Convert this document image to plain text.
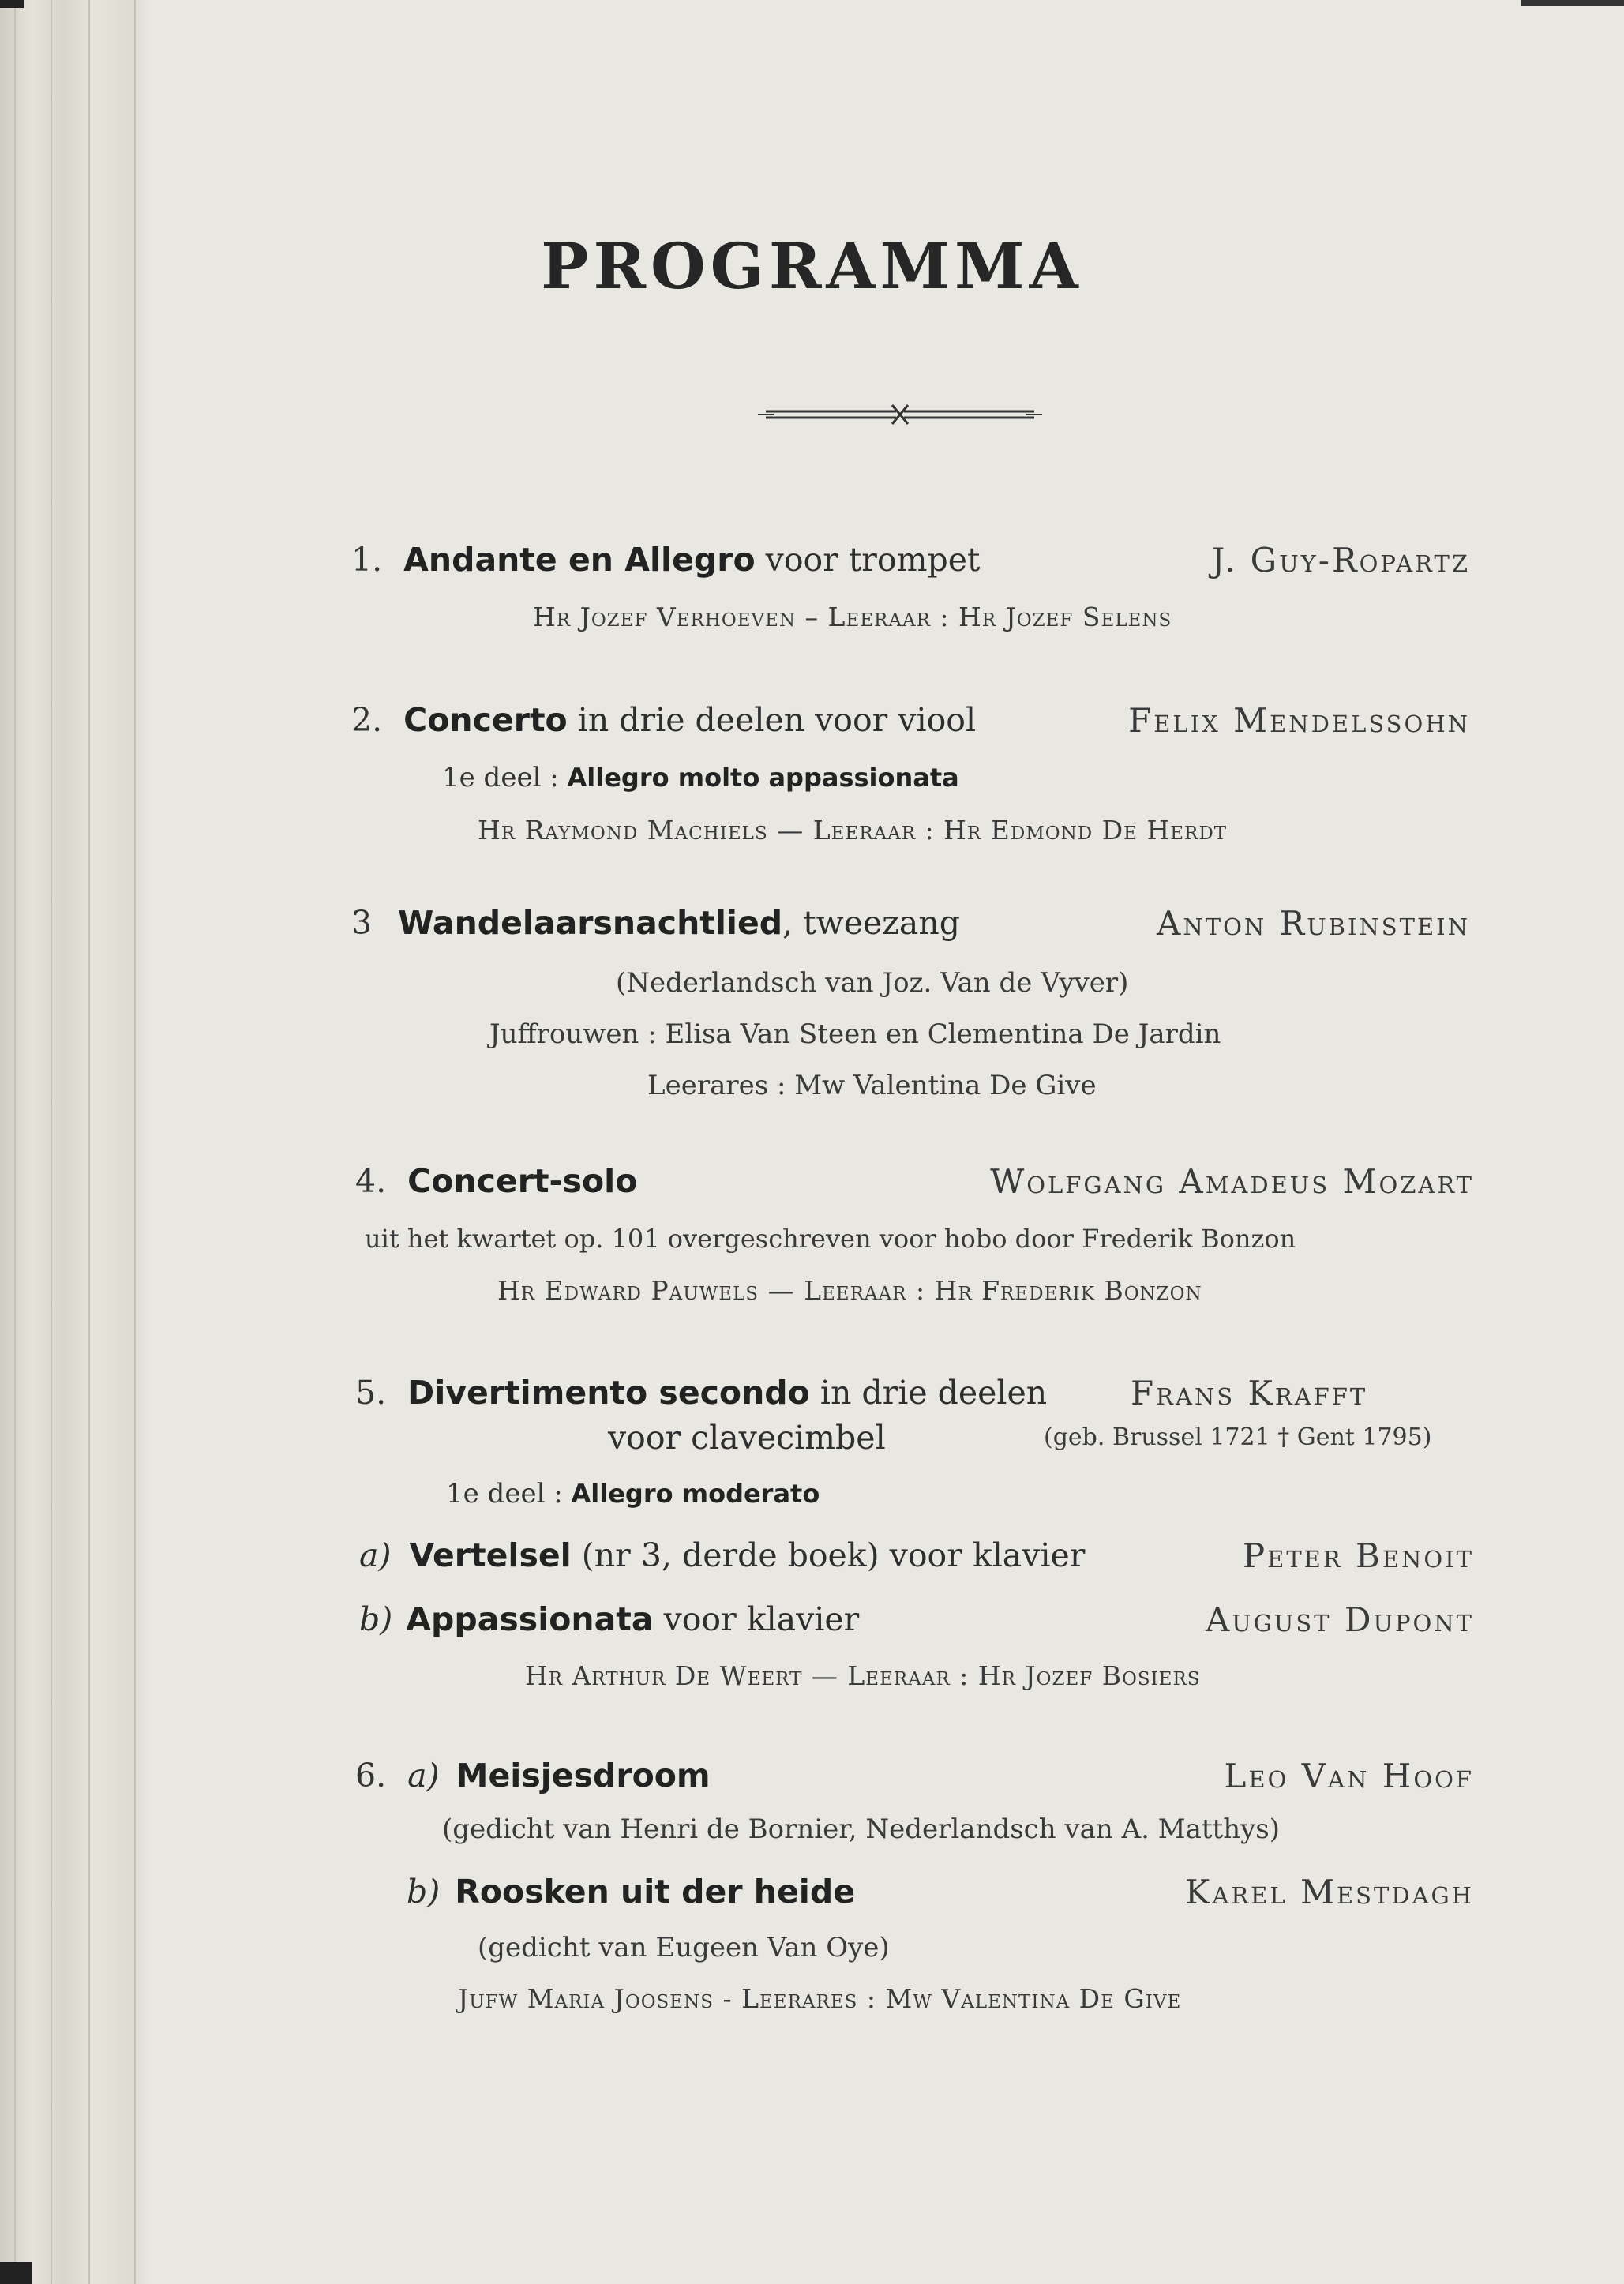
PROGRAMMA
1. Andante en Allegro voor trompet	J. Guy-Ropartz
Hr Jozef Verhoeven – Leeraar : Hr Jozef Selens
2. Concerto in drie deelen voor viool	Felix Mendelssohn
1e deel : Allegro molto appassionata
Hr Raymond Machiels — Leeraar : Hr Edmond De Herdt
3 Wandelaarsnachtlied, tweezang	Anton Rubinstein
(Nederlandsch van Joz. Van de Vyver)
Juffrouwen : Elisa Van Steen en Clementina De Jardin
Leerares : Mw Valentina De Give
4. Concert-solo	Wolfgang Amadeus Mozart
uit het kwartet op. 101 overgeschreven voor hobo door Frederik Bonzon
Hr Edward Pauwels — Leeraar : Hr Frederik Bonzon
5. Divertimento secondo in drie deelen	Frans Krafft
voor clavecimbel	(geb. Brussel 1721 † Gent 1795)
1e deel : Allegro moderato
a) Vertelsel (nr 3, derde boek) voor klavier	Peter Benoit
b) Appassionata voor klavier	August Dupont
Hr Arthur De Weert — Leeraar : Hr Jozef Bosiers
6. a) Meisjesdroom	Leo Van Hoof
(gedicht van Henri de Bornier, Nederlandsch van A. Matthys)
b) Roosken uit der heide	Karel Mestdagh
(gedicht van Eugeen Van Oye)
Jufw Maria Joosens - Leerares : Mw Valentina De Give
